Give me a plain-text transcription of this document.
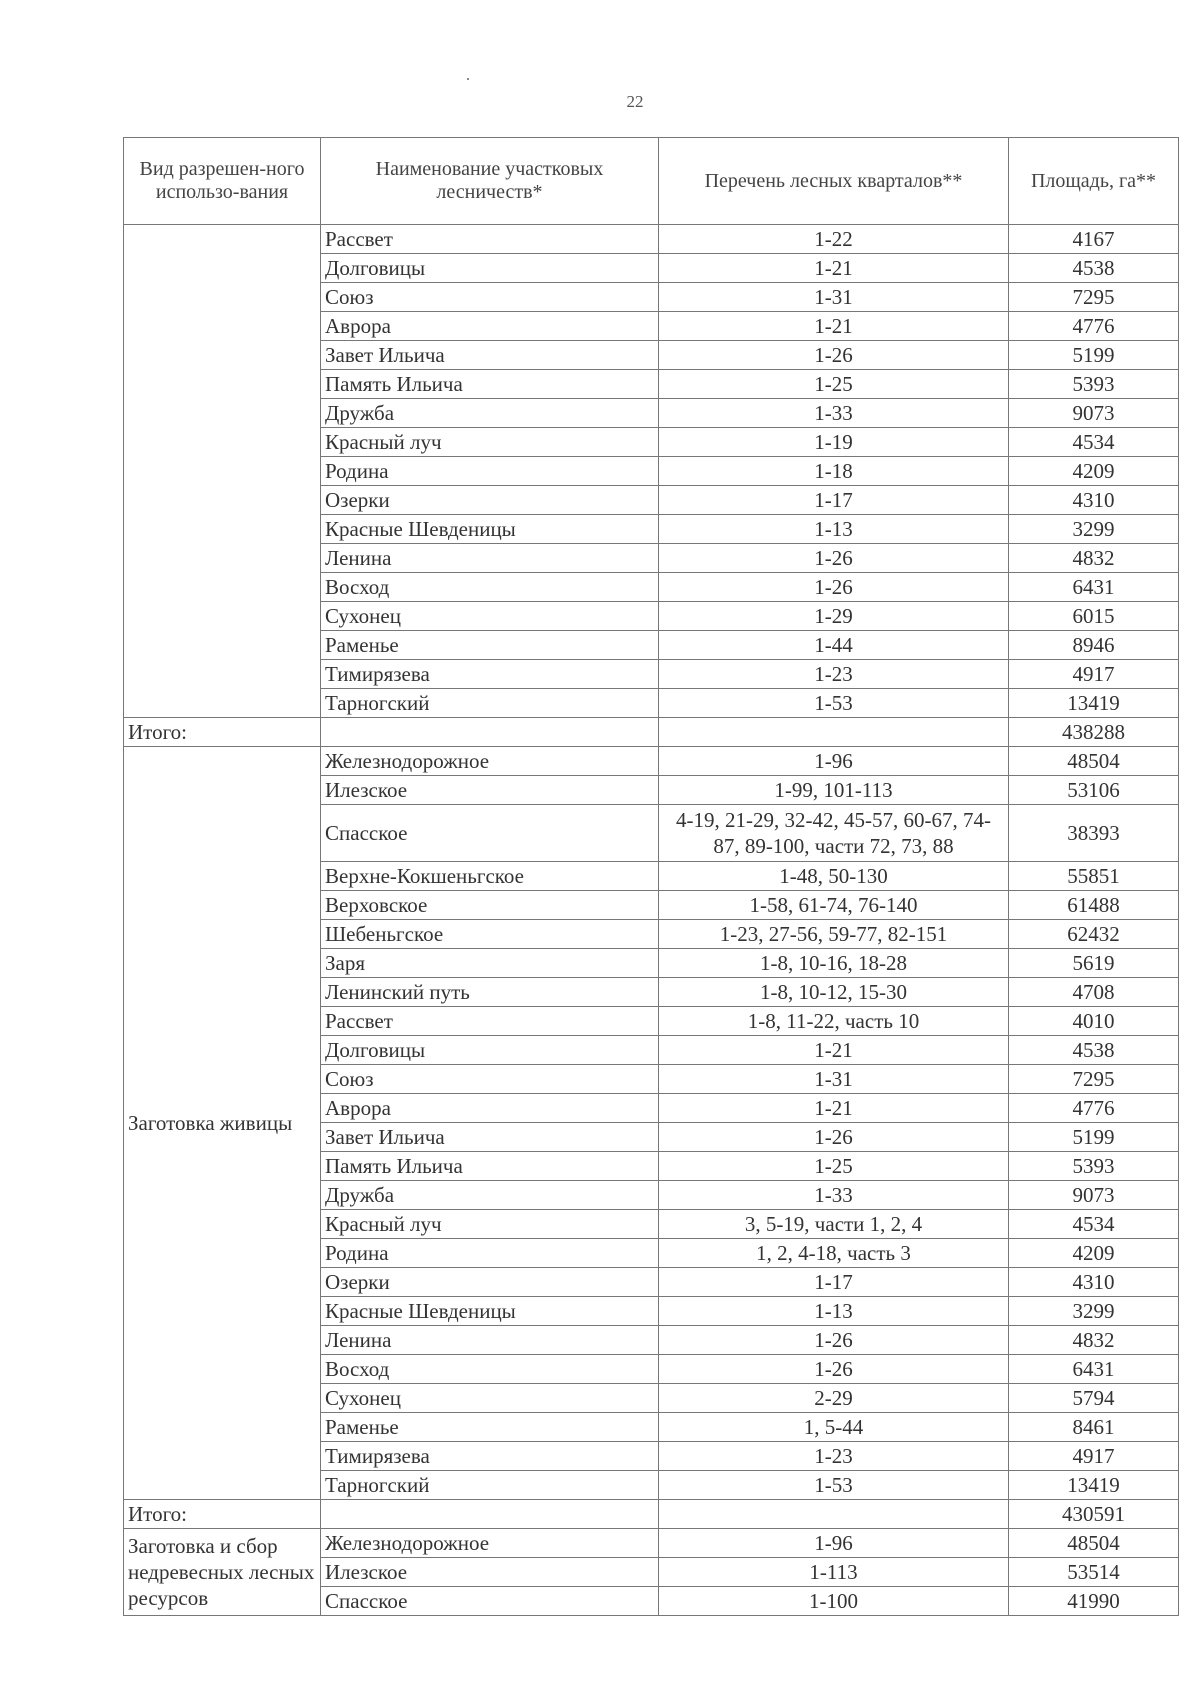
22
Вид разрешен-ного использо-вания	Наименование участковых лесничеств*	Перечень лесных кварталов**	Площадь, га**
	Рассвет	1-22	4167
	Долговицы	1-21	4538
	Союз	1-31	7295
	Аврора	1-21	4776
	Завет Ильича	1-26	5199
	Память Ильича	1-25	5393
	Дружба	1-33	9073
	Красный луч	1-19	4534
	Родина	1-18	4209
	Озерки	1-17	4310
	Красные Шевденицы	1-13	3299
	Ленина	1-26	4832
	Восход	1-26	6431
	Сухонец	1-29	6015
	Раменье	1-44	8946
	Тимирязева	1-23	4917
	Тарногский	1-53	13419
Итого:			438288
Заготовка живицы	Железнодорожное	1-96	48504
	Илезское	1-99, 101-113	53106
	Спасское	4-19, 21-29, 32-42, 45-57, 60-67, 74-87, 89-100, части 72, 73, 88	38393
	Верхне-Кокшеньгское	1-48, 50-130	55851
	Верховское	1-58, 61-74, 76-140	61488
	Шебеньгское	1-23, 27-56, 59-77, 82-151	62432
	Заря	1-8, 10-16, 18-28	5619
	Ленинский путь	1-8, 10-12, 15-30	4708
	Рассвет	1-8, 11-22, часть 10	4010
	Долговицы	1-21	4538
	Союз	1-31	7295
	Аврора	1-21	4776
	Завет Ильича	1-26	5199
	Память Ильича	1-25	5393
	Дружба	1-33	9073
	Красный луч	3, 5-19, части 1, 2, 4	4534
	Родина	1, 2, 4-18, часть 3	4209
	Озерки	1-17	4310
	Красные Шевденицы	1-13	3299
	Ленина	1-26	4832
	Восход	1-26	6431
	Сухонец	2-29	5794
	Раменье	1, 5-44	8461
	Тимирязева	1-23	4917
	Тарногский	1-53	13419
Итого:			430591
Заготовка и сбор недревесных лесных ресурсов	Железнодорожное	1-96	48504
	Илезское	1-113	53514
	Спасское	1-100	41990
